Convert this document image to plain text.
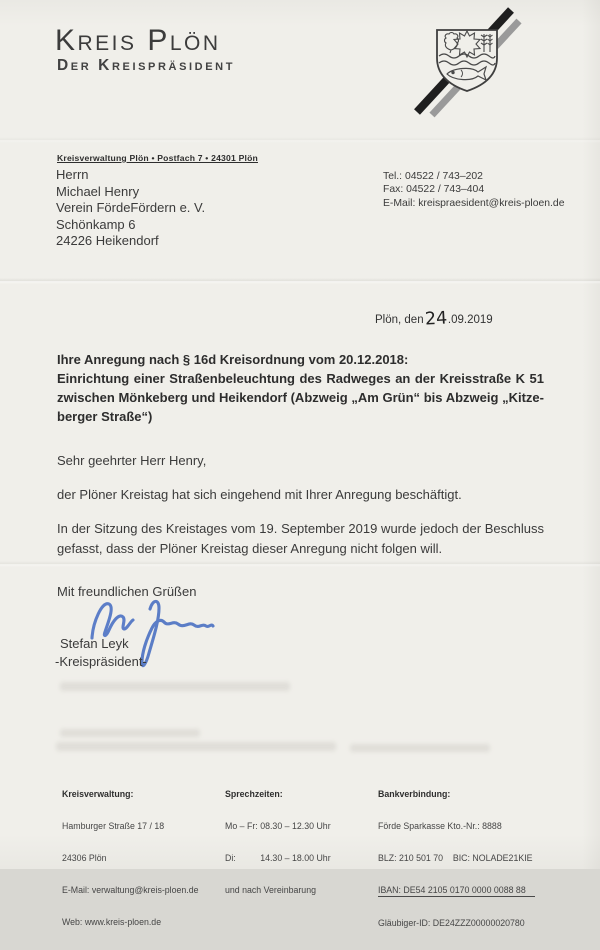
Kreis Plön
Der Kreispräsident
Kreisverwaltung Plön • Postfach 7 • 24301 Plön
Herrn
Michael Henry
Verein FördeFördern e. V.
Schönkamp 6
24226 Heikendorf
Tel.: 04522 / 743–202
Fax: 04522 / 743–404
E-Mail: kreispraesident@kreis-ploen.de
Plön, den24.09.2019
Ihre Anregung nach § 16d Kreisordnung vom 20.12.2018:
Einrichtung einer Straßenbeleuchtung des Radweges an der Kreisstraße K 51
zwischen Mönkeberg und Heikendorf (Abzweig „Am Grün“ bis Abzweig „Kitze-
berger Straße“)
Sehr geehrter Herr Henry,
der Plöner Kreistag hat sich eingehend mit Ihrer Anregung beschäftigt.
In der Sitzung des Kreistages vom 19. September 2019 wurde jedoch der Beschluss
gefasst, dass der Plöner Kreistag dieser Anregung nicht folgen will.
Mit freundlichen Grüßen
Stefan Leyk
-Kreispräsident-

Kreisverwaltung:

Hamburger Straße 17 / 18

24306 Plön

E-Mail: verwaltung@kreis-ploen.de

Web: www.kreis-ploen.de

Sprechzeiten:

Mo – Fr: 08.30 – 12.30 Uhr

Di:          14.30 – 18.00 Uhr

und nach Vereinbarung

Bankverbindung:

Förde Sparkasse Kto.-Nr.: 8888

BLZ: 210 501 70    BIC: NOLADE21KIE

IBAN: DE54 2105 0170 0000 0088 88

Gläubiger-ID: DE24ZZZ00000020780
